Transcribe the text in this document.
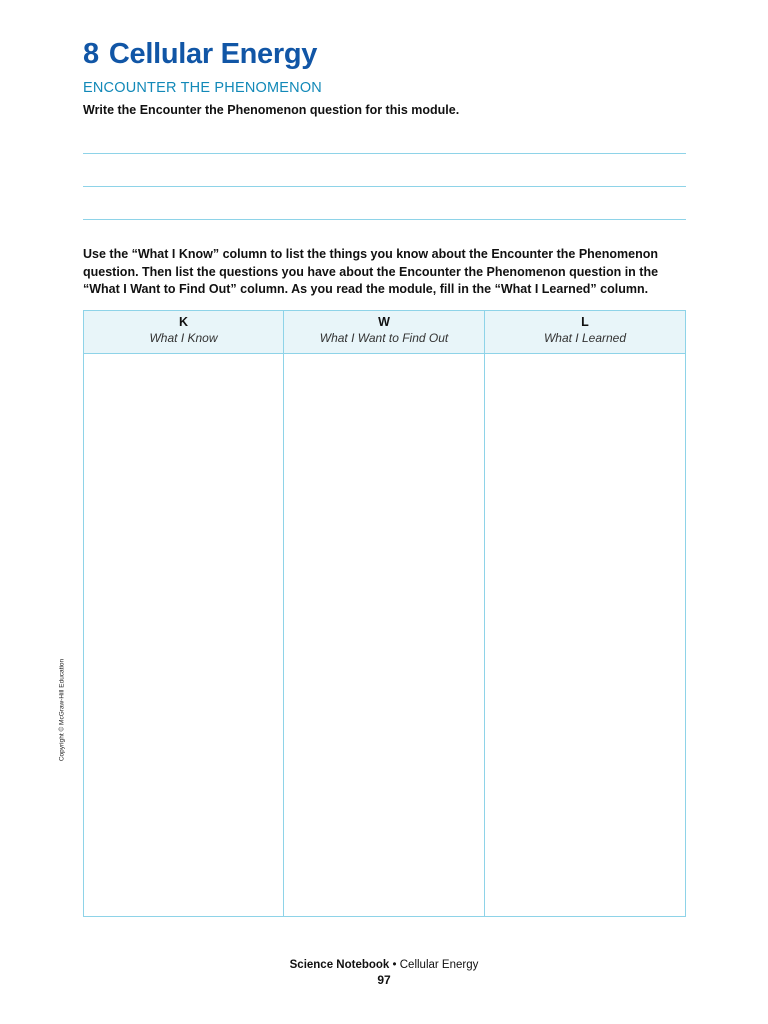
8 Cellular Energy
ENCOUNTER THE PHENOMENON

Write the Encounter the Phenomenon question for this module.

Use the “What I Know” column to list the things you know about the Encounter the Phenomenon question. Then list the questions you have about the Encounter the Phenomenon question in the “What I Want to Find Out” column. As you read the module, fill in the “What I Learned” column.

K
What I Know
W
What I Want to Find Out
L
What I Learned
Copyright © McGraw-Hill Education
Science Notebook • Cellular Energy
97
